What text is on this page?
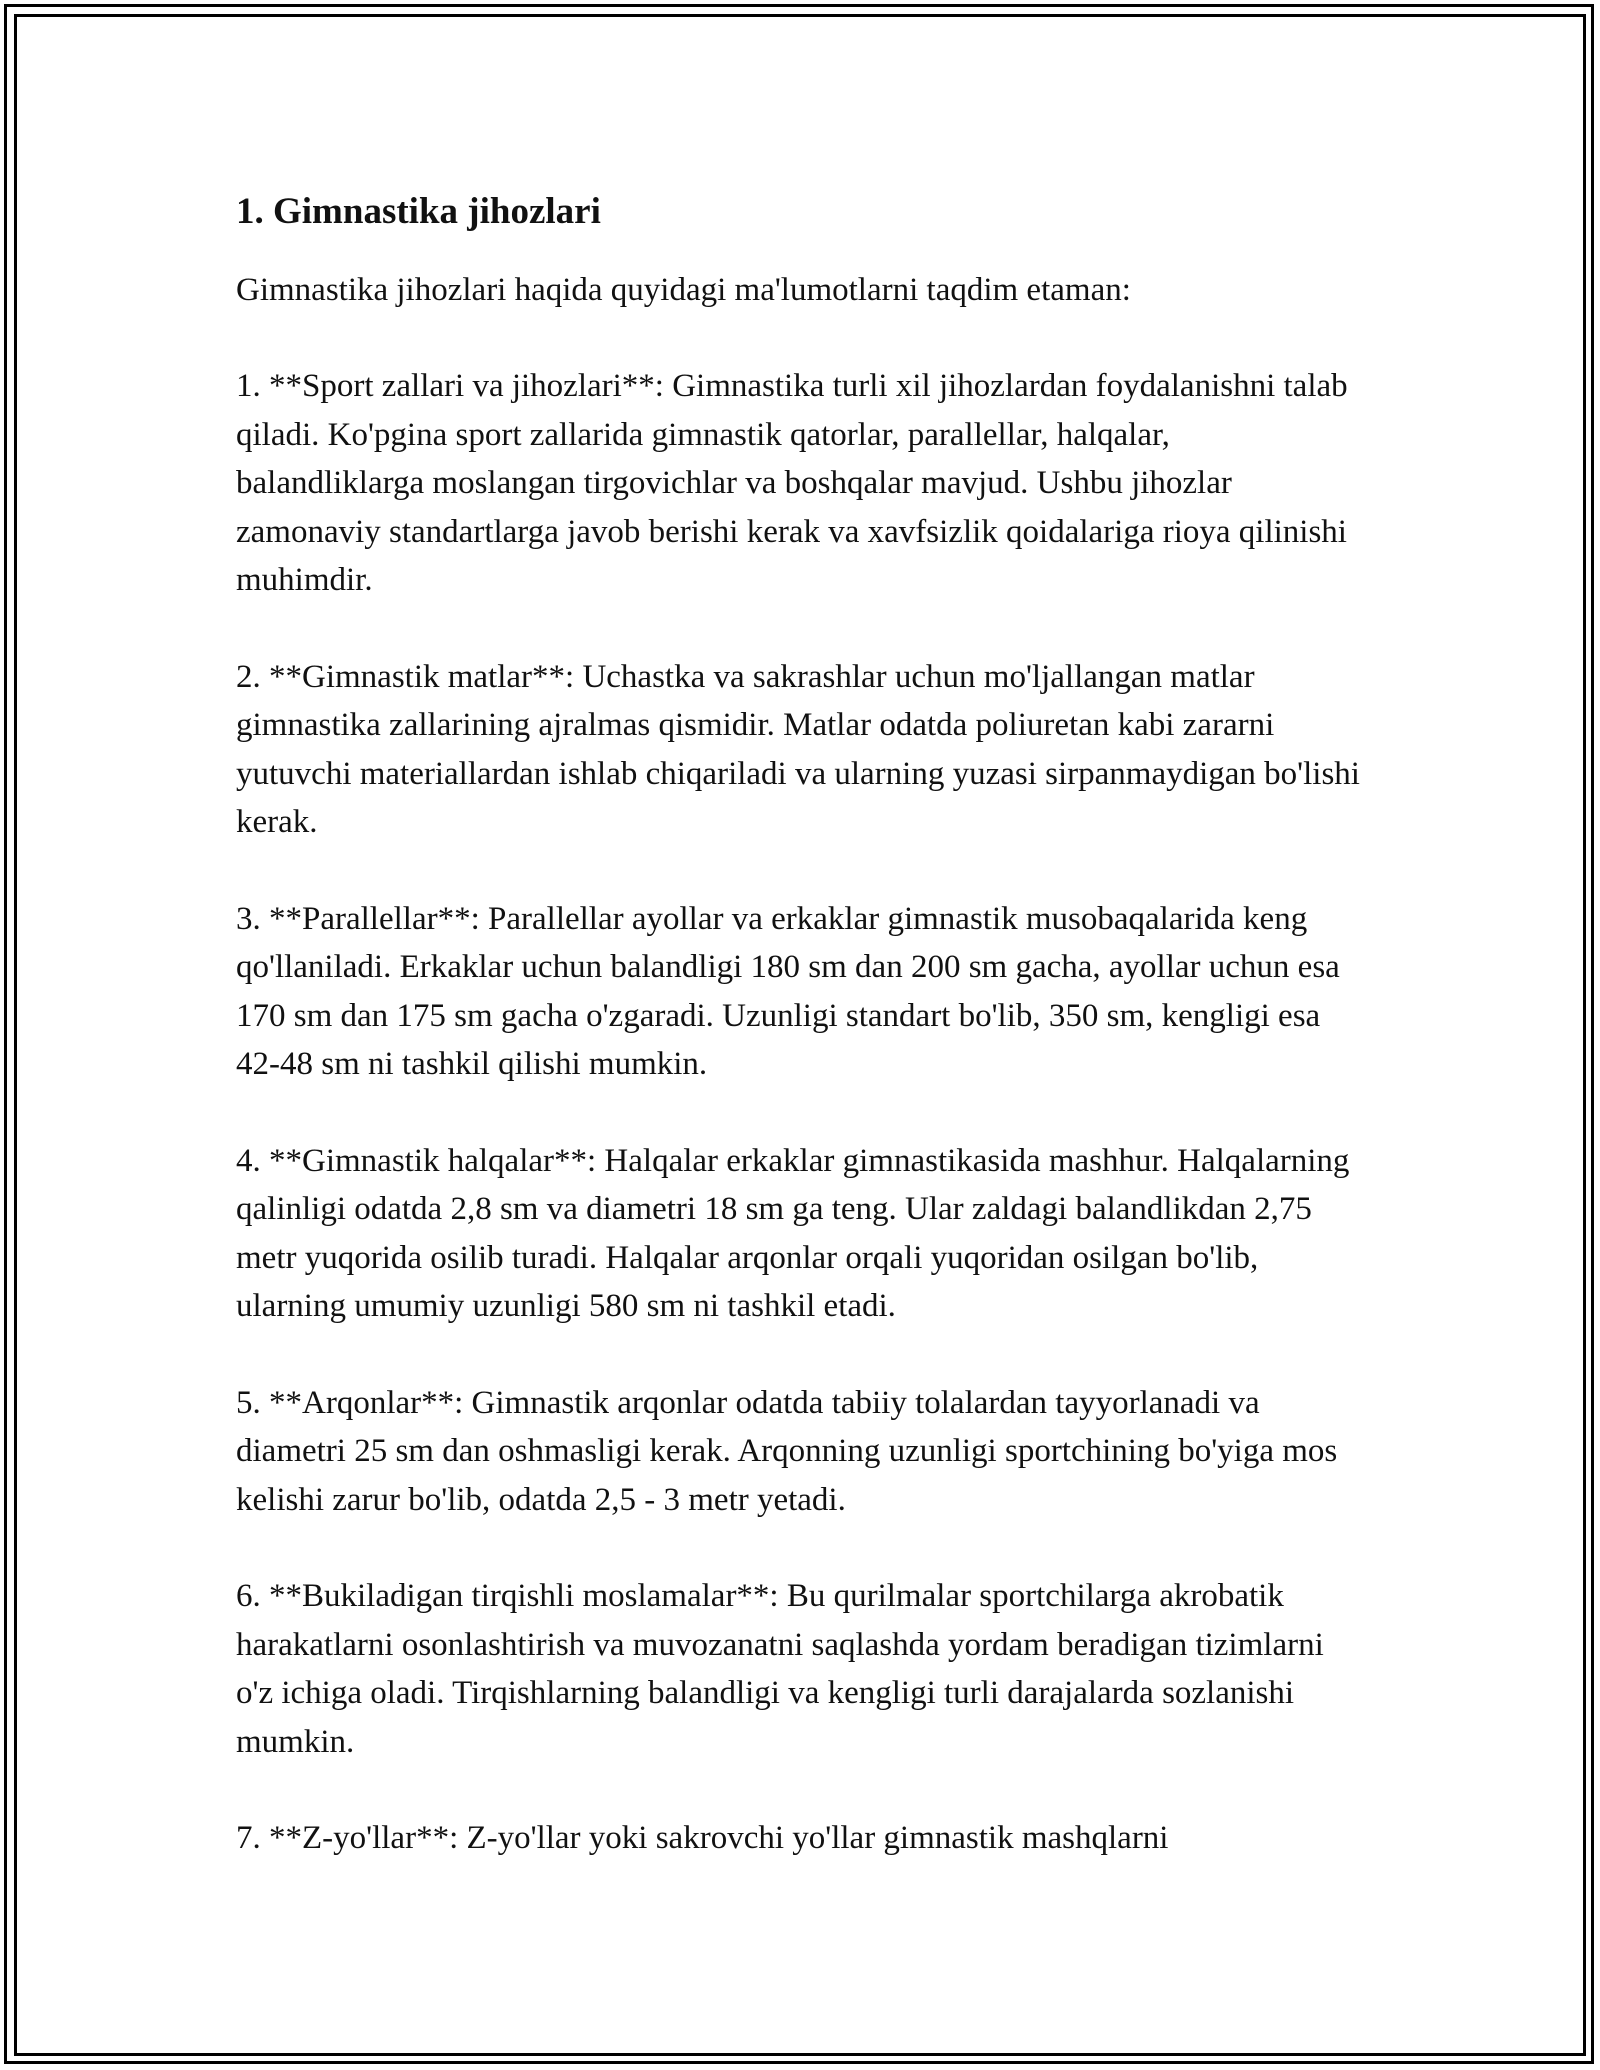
1. Gimnastika jihozlari

Gimnastika jihozlari haqida quyidagi ma'lumotlarni taqdim etaman:

1. **Sport zallari va jihozlari**: Gimnastika turli xil jihozlardan foydalanishni talab qiladi. Ko'pgina sport zallarida gimnastik qatorlar, parallellar, halqalar, balandliklarga moslangan tirgovichlar va boshqalar mavjud. Ushbu jihozlar zamonaviy standartlarga javob berishi kerak va xavfsizlik qoidalariga rioya qilinishi muhimdir.

2. **Gimnastik matlar**: Uchastka va sakrashlar uchun mo'ljallangan matlar gimnastika zallarining ajralmas qismidir. Matlar odatda poliuretan kabi zararni yutuvchi materiallardan ishlab chiqariladi va ularning yuzasi sirpanmaydigan bo'lishi kerak.

3. **Parallellar**: Parallellar ayollar va erkaklar gimnastik musobaqalarida keng qo'llaniladi. Erkaklar uchun balandligi 180 sm dan 200 sm gacha, ayollar uchun esa 170 sm dan 175 sm gacha o'zgaradi. Uzunligi standart bo'lib, 350 sm, kengligi esa 42-48 sm ni tashkil qilishi mumkin.

4. **Gimnastik halqalar**: Halqalar erkaklar gimnastikasida mashhur. Halqalarning qalinligi odatda 2,8 sm va diametri 18 sm ga teng. Ular zaldagi balandlikdan 2,75 metr yuqorida osilib turadi. Halqalar arqonlar orqali yuqoridan osilgan bo'lib, ularning umumiy uzunligi 580 sm ni tashkil etadi.

5. **Arqonlar**: Gimnastik arqonlar odatda tabiiy tolalardan tayyorlanadi va diametri 25 sm dan oshmasligi kerak. Arqonning uzunligi sportchining bo'yiga mos kelishi zarur bo'lib, odatda 2,5 - 3 metr yetadi.

6. **Bukiladigan tirqishli moslamalar**: Bu qurilmalar sportchilarga akrobatik harakatlarni osonlashtirish va muvozanatni saqlashda yordam beradigan tizimlarni o'z ichiga oladi. Tirqishlarning balandligi va kengligi turli darajalarda sozlanishi mumkin.

7. **Z-yo'llar**: Z-yo'llar yoki sakrovchi yo'llar gimnastik mashqlarni
